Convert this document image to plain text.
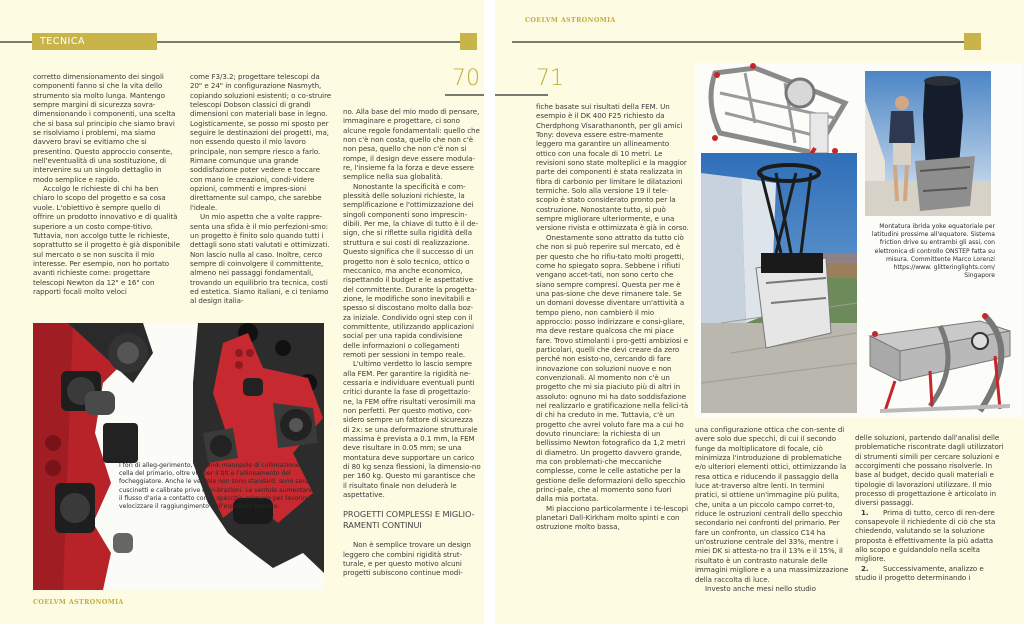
TECNICA
70

corretto dimensionamento dei singoli componenti fanno sì che la vita dello strumento sia molto lunga. Mantengo sempre margini di sicurezza sovra-dimensionando i componenti, una scelta che si basa sul principio che siamo bravi se risolviamo i problemi, ma siamo davvero bravi se evitiamo che si presentino. Questo approccio consente, nell'eventualità di una sostituzione, di intervenire su un singolo dettaglio in modo semplice e rapido.

Accolgo le richieste di chi ha ben chiaro lo scopo del progetto e sa cosa vuole. L'obiettivo è sempre quello di offrire un prodotto innovativo e di qualità superiore a un costo compe-titivo. Tuttavia, non accolgo tutte le richieste, soprattutto se il progetto è già disponibile sul mercato o se non suscita il mio interesse. Per esempio, non ho portato avanti richieste come: progettare telescopi Newton da 12" e 16" con rapporti focali molto veloci

come F3/3.2; progettare telescopi da 20" e 24" in configurazione Nasmyth, copiando soluzioni esistenti; o co-struire telescopi Dobson classici di grandi dimensioni con materiali base in legno. Logisticamente, se posso mi sposto per seguire le destinazioni dei progetti, ma, non essendo questo il mio lavoro principale, non sempre riesco a farlo. Rimane comunque una grande soddisfazione poter vedere e toccare con mano le creazioni, condi-videre opzioni, commenti e impres-sioni direttamente sul campo, che sarebbe l'ideale.

Un mio aspetto che a volte rappre-senta una sfida è il mio perfezioni-smo: un progetto è finito solo quando tutti i dettagli sono stati valutati e ottimizzati. Non lascio nulla al caso. Inoltre, cerco sempre di coinvolgere il committente, almeno nei passaggi fondamentali, trovando un equilibrio tra tecnica, costi ed estetica. Siamo italiani, e ci teniamo al design italia-

no. Alla base del mio modo di pensare, immaginare e progettare, ci sono alcune regole fondamentali: quello che non c'è non costa, quello che non c'è non pesa, quello che non c'è non si rompe, il design deve essere modula-re, l'insieme fa la forza e deve essere semplice nella sua globalità.

Nonostante la specificità e com-plessità delle soluzioni richieste, la semplificazione e l'ottimizzazione dei singoli componenti sono imprescin-dibili. Per me, la chiave di tutto è il de-sign, che si riflette sulla rigidità della struttura e sui costi di realizzazione. Questo significa che il successo di un progetto non è solo tecnico, ottico o meccanico, ma anche economico, rispettando il budget e le aspettative del committente. Durante la progetta-zione, le modifiche sono inevitabili e spesso si discostano molto dalla boz-za iniziale. Condivido ogni step con il committente, utilizzando applicazioni social per una rapida condivisione delle informazioni o collegamenti remoti per sessioni in tempo reale.

L'ultimo verdetto lo lascio sempre alla FEM. Per garantire la rigidità ne-cessaria e individuare eventuali punti critici durante la fase di progettazio-ne, la FEM offre risultati verosimili ma non perfetti. Per questo motivo, con-sidero sempre un fattore di sicurezza di 2x: se una deformazione strutturale massima è prevista a 0.1 mm, la FEM deve risultare in 0.05 mm; se una montatura deve supportare un carico di 80 kg senza flessioni, la dimensio-no per 160 kg. Questo mi garantisce che il risultato finale non deluderà le aspettative.

PROGETTI COMPLESSI E MIGLIO-RAMENTI CONTINUI

Non è semplice trovare un design leggero che combini rigidità strut-turale, e per questo motivo alcuni progetti subiscono continue modi-

I fori di alleg-gerimento, 3 grandi manopole di collimazione della cella del primario, oltre viti per il tilt e l'allineamento del focheggiatore. Anche le ventole non sono standard, sono senza cuscinetti e calibrate prive di vi-brazioni. Le ventole aumentano il flusso d'aria a contatto con lo specchio primario per favorire e velocizzare il raggiungimento dell'equilibrio termico.
COELVM ASTRONOMIA
COELVM ASTRONOMIA
71

fiche basate sui risultati della FEM. Un esempio è il DK 400 F25 richiesto da Cherdphong Visarathanonth, per gli amici Tony: doveva essere estre-mamente leggero ma garantire un allineamento ottico con una focale di 10 metri. Le revisioni sono state molteplici e la maggior parte dei componenti è stata realizzata in fibra di carbonio per limitare le dilatazioni termiche. Solo alla versione 19 il tele-scopio è stato considerato pronto per la costruzione. Nonostante tutto, si può sempre migliorare ulteriormente, e una versione rivista e ottimizzata è già in corso.

Onestamente sono attratto da tutto ciò che non si può reperire sul mercato, ed è per questo che ho rifiu-tato molti progetti, come ho spiegato sopra. Sebbene i rifiuti vengano accet-tati, non sono certo che siano sempre compresi. Questa per me è una pas-sione che deve rimanere tale. Se un domani dovesse diventare un'attività a tempo pieno, non cambierò il mio approccio: posso indirizzare e consi-gliare, ma deve restare qualcosa che mi piace fare. Trovo stimolanti i pro-getti ambiziosi e particolari, quelli che devi creare da zero perché non esisto-no, cercando di fare innovazione con soluzioni nuove e non convenzionali. Al momento non c'è un progetto che mi sia piaciuto più di altri in assoluto: ognuno mi ha dato soddisfazione nel realizzarlo e gratificazione nella felici-tà di chi ha creduto in me. Tuttavia, c'è un progetto che avrei voluto fare ma a cui ho dovuto rinunciare: la richiesta di un bellissimo Newton fotografico da 1,2 metri di diametro. Un progetto davvero grande, ma con problemati-che meccaniche complesse, come le celle astatiche per la gestione delle deformazioni dello specchio princi-pale, che al momento sono fuori dalla mia portata.

Mi piacciono particolarmente i te-lescopi planetari Dall-Kirkham molto spinti e con ostruzione molto bassa,

Montatura ibrida yoke equatoriale per latitudini prossime all'equatore. Sistema friction drive su entrambi gli assi, con elettronica di controllo ONSTEP fatta su misura. Committente Marco Lorenzi https://www. glitteringlights.com/ Singapore

una configurazione ottica che con-sente di avere solo due specchi, di cui il secondo funge da moltiplicatore di focale, ciò minimizza l'introduzione di problematiche e/o ulteriori elementi ottici, ottimizzando la resa ottica e riducendo il passaggio della luce at-traverso altre lenti. In termini pratici, si ottiene un'immagine più pulita, che, unita a un piccolo campo corret-to, riduce le ostruzioni centrali dello specchio secondario nei confronti del primario. Per fare un confronto, un classico C14 ha un'ostruzione centrale del 33%, mentre i miei DK si attesta-no tra il 13% e il 15%, il risultato è un contrasto naturale delle immagini migliore e a una massimizzazione della raccolta di luce.

Investo anche mesi nello studio

delle soluzioni, partendo dall'analisi delle problematiche riscontrate dagli utilizzatori di strumenti simili per cercare soluzioni e accorgimenti che possano risolverle. In base al budget, decido quali materiali e tipologie di lavorazioni utilizzare. Il mio processo di progettazione è articolato in diversi passaggi.

1. Prima di tutto, cerco di ren-dere consapevole il richiedente di ciò che sta chiedendo, valutando se la soluzione proposta è effettivamente la più adatta allo scopo e guidandolo nella scelta migliore.

2. Successivamente, analizzo e studio il progetto determinando i
